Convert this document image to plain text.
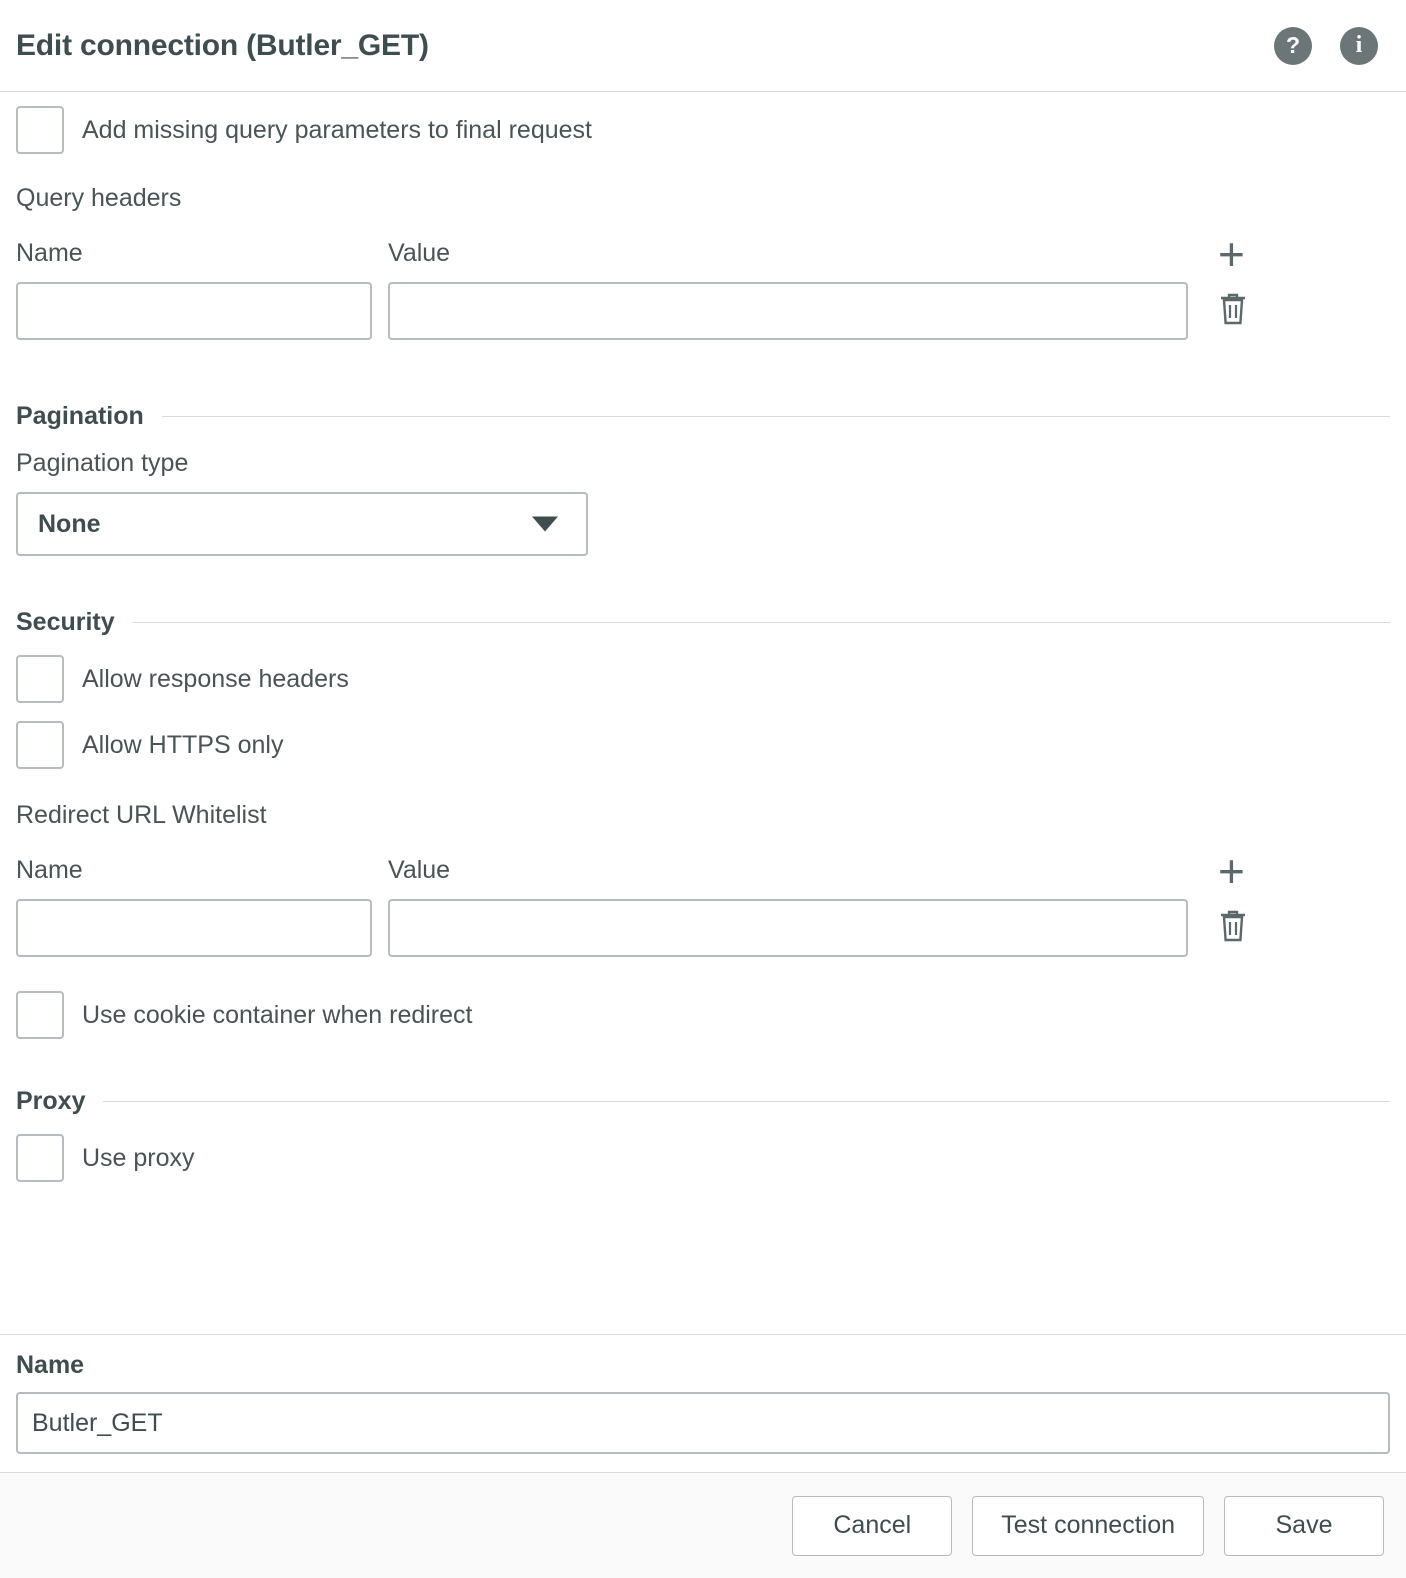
Edit connection (Butler_GET)	?	i
Add missing query parameters to final request
Query headers
Name	Value	+
Pagination
Pagination type
None
Security
Allow response headers
Allow HTTPS only
Redirect URL Whitelist
Name	Value	+
Use cookie container when redirect
Proxy
Use proxy
Name
Butler_GET
Cancel	Test connection	Save
